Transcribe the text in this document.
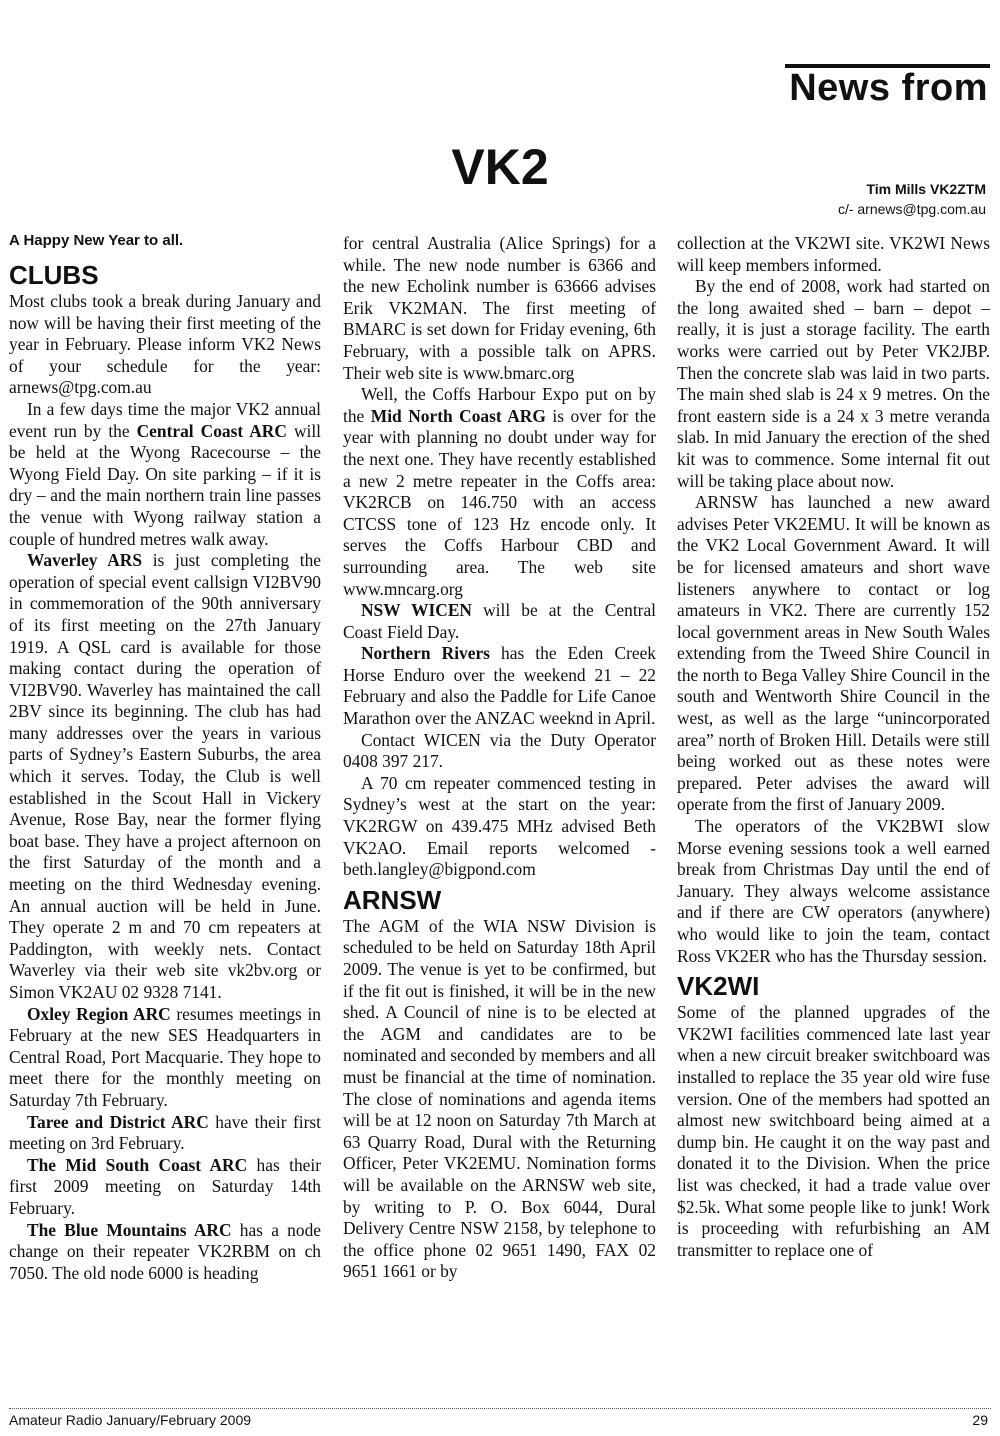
News from
VK2	Tim Mills VK2ZTM
c/- arnews@tpg.com.au
A Happy New Year to all.
CLUBS

Most clubs took a break during January and now will be having their first meeting of the year in February. Please inform VK2 News of your schedule for the year: arnews@tpg.com.au

In a few days time the major VK2 annual event run by the Central Coast ARC will be held at the Wyong Racecourse – the Wyong Field Day. On site parking – if it is dry – and the main northern train line passes the venue with Wyong railway station a couple of hundred metres walk away.

Waverley ARS is just completing the operation of special event callsign VI2BV90 in commemoration of the 90th anniversary of its first meeting on the 27th January 1919. A QSL card is available for those making contact during the operation of VI2BV90. Waverley has maintained the call 2BV since its beginning. The club has had many addresses over the years in various parts of Sydney’s Eastern Suburbs, the area which it serves. Today, the Club is well established in the Scout Hall in Vickery Avenue, Rose Bay, near the former flying boat base. They have a project afternoon on the first Saturday of the month and a meeting on the third Wednesday evening. An annual auction will be held in June. They operate 2 m and 70 cm repeaters at Paddington, with weekly nets. Contact Waverley via their web site vk2bv.org or Simon VK2AU 02 9328 7141.

Oxley Region ARC resumes meetings in February at the new SES Headquarters in Central Road, Port Macquarie. They hope to meet there for the monthly meeting on Saturday 7th February.

Taree and District ARC have their first meeting on 3rd February.

The Mid South Coast ARC has their first 2009 meeting on Saturday 14th February.

The Blue Mountains ARC has a node change on their repeater VK2RBM on ch 7050. The old node 6000 is heading

for central Australia (Alice Springs) for a while. The new node number is 6366 and the new Echolink number is 63666 advises Erik VK2MAN. The first meeting of BMARC is set down for Friday evening, 6th February, with a possible talk on APRS. Their web site is www.bmarc.org

Well, the Coffs Harbour Expo put on by the Mid North Coast ARG is over for the year with planning no doubt under way for the next one. They have recently established a new 2 metre repeater in the Coffs area: VK2RCB on 146.750 with an access CTCSS tone of 123 Hz encode only. It serves the Coffs Harbour CBD and surrounding area. The web site www.mncarg.org

NSW WICEN will be at the Central Coast Field Day.

Northern Rivers has the Eden Creek Horse Enduro over the weekend 21 – 22 February and also the Paddle for Life Canoe Marathon over the ANZAC weeknd in April.

Contact WICEN via the Duty Operator 0408 397 217.

A 70 cm repeater commenced testing in Sydney’s west at the start on the year: VK2RGW on 439.475 MHz advised Beth VK2AO. Email reports welcomed - beth.langley@bigpond.com

ARNSW

The AGM of the WIA NSW Division is scheduled to be held on Saturday 18th April 2009. The venue is yet to be confirmed, but if the fit out is finished, it will be in the new shed. A Council of nine is to be elected at the AGM and candidates are to be nominated and seconded by members and all must be financial at the time of nomination. The close of nominations and agenda items will be at 12 noon on Saturday 7th March at 63 Quarry Road, Dural with the Returning Officer, Peter VK2EMU. Nomination forms will be available on the ARNSW web site, by writing to P. O. Box 6044, Dural Delivery Centre NSW 2158, by telephone to the office phone 02 9651 1490, FAX 02 9651 1661 or by

collection at the VK2WI site. VK2WI News will keep members informed.

By the end of 2008, work had started on the long awaited shed – barn – depot – really, it is just a storage facility. The earth works were carried out by Peter VK2JBP. Then the concrete slab was laid in two parts. The main shed slab is 24 x 9 metres. On the front eastern side is a 24 x 3 metre veranda slab. In mid January the erection of the shed kit was to commence. Some internal fit out will be taking place about now.

ARNSW has launched a new award advises Peter VK2EMU. It will be known as the VK2 Local Government Award. It will be for licensed amateurs and short wave listeners anywhere to contact or log amateurs in VK2. There are currently 152 local government areas in New South Wales extending from the Tweed Shire Council in the north to Bega Valley Shire Council in the south and Wentworth Shire Council in the west, as well as the large “unincorporated area” north of Broken Hill. Details were still being worked out as these notes were prepared. Peter advises the award will operate from the first of January 2009.

The operators of the VK2BWI slow Morse evening sessions took a well earned break from Christmas Day until the end of January. They always welcome assistance and if there are CW operators (anywhere) who would like to join the team, contact Ross VK2ER who has the Thursday session.

VK2WI

Some of the planned upgrades of the VK2WI facilities commenced late last year when a new circuit breaker switchboard was installed to replace the 35 year old wire fuse version. One of the members had spotted an almost new switchboard being aimed at a dump bin. He caught it on the way past and donated it to the Division. When the price list was checked, it had a trade value over $2.5k. What some people like to junk! Work is proceeding with refurbishing an AM transmitter to replace one of

Amateur Radio January/February 2009	29
